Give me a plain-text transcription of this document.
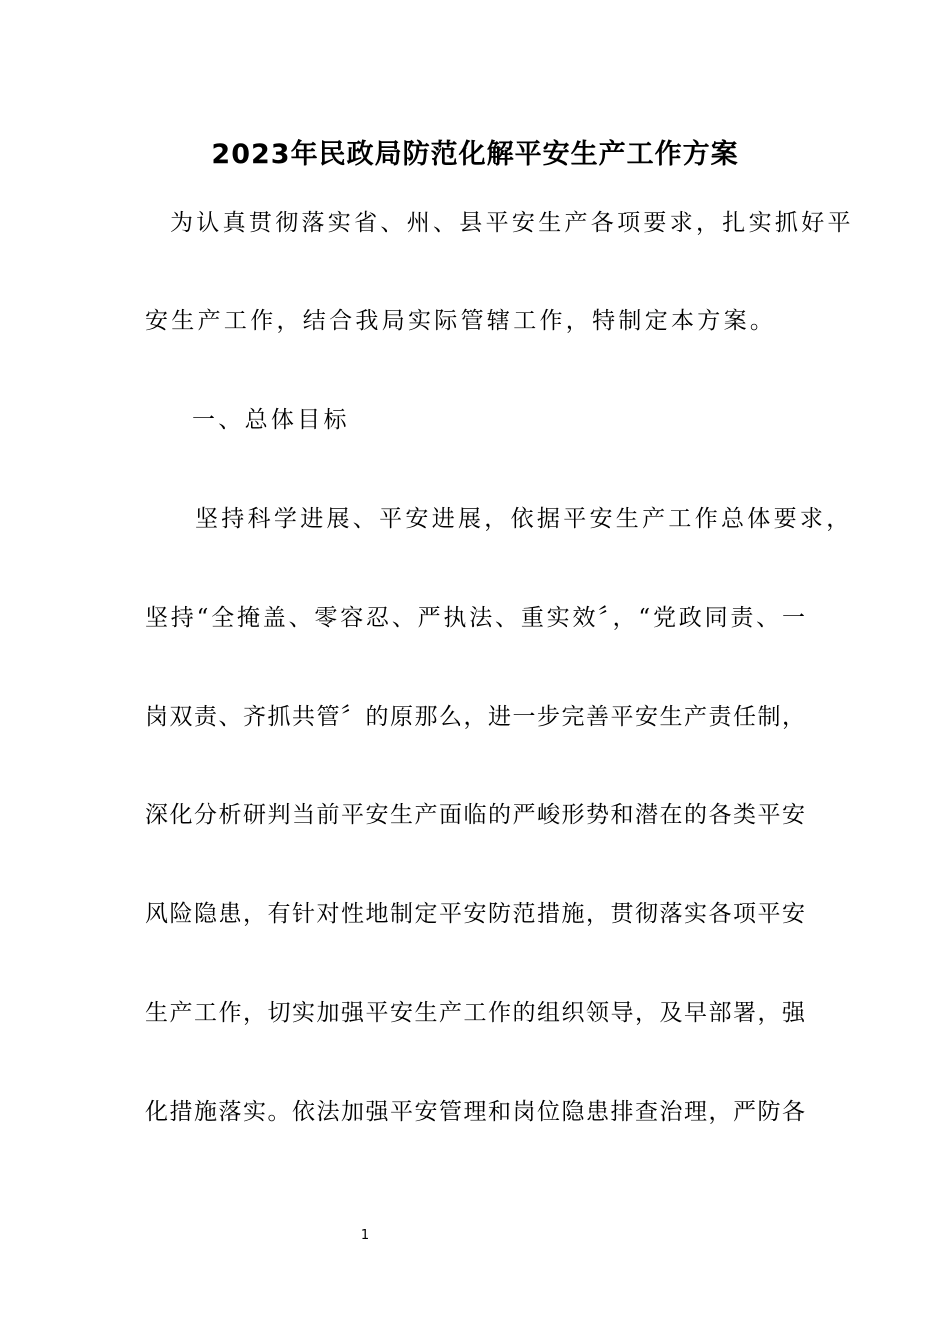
2023年民政局防范化解平安生产工作方案
为认真贯彻落实省、州、县平安生产各项要求，扎实抓好平
安生产工作，结合我局实际管辖工作，特制定本方案。
一、总体目标
坚持科学进展、平安进展，依据平安生产工作总体要求，
坚持“全掩盖、零容忍、严执法、重实效〞，“党政同责、一
岗双责、齐抓共管〞的原那么，进一步完善平安生产责任制，
深化分析研判当前平安生产面临的严峻形势和潜在的各类平安
风险隐患，有针对性地制定平安防范措施，贯彻落实各项平安
生产工作，切实加强平安生产工作的组织领导，及早部署，强
化措施落实。依法加强平安管理和岗位隐患排查治理，严防各
1
